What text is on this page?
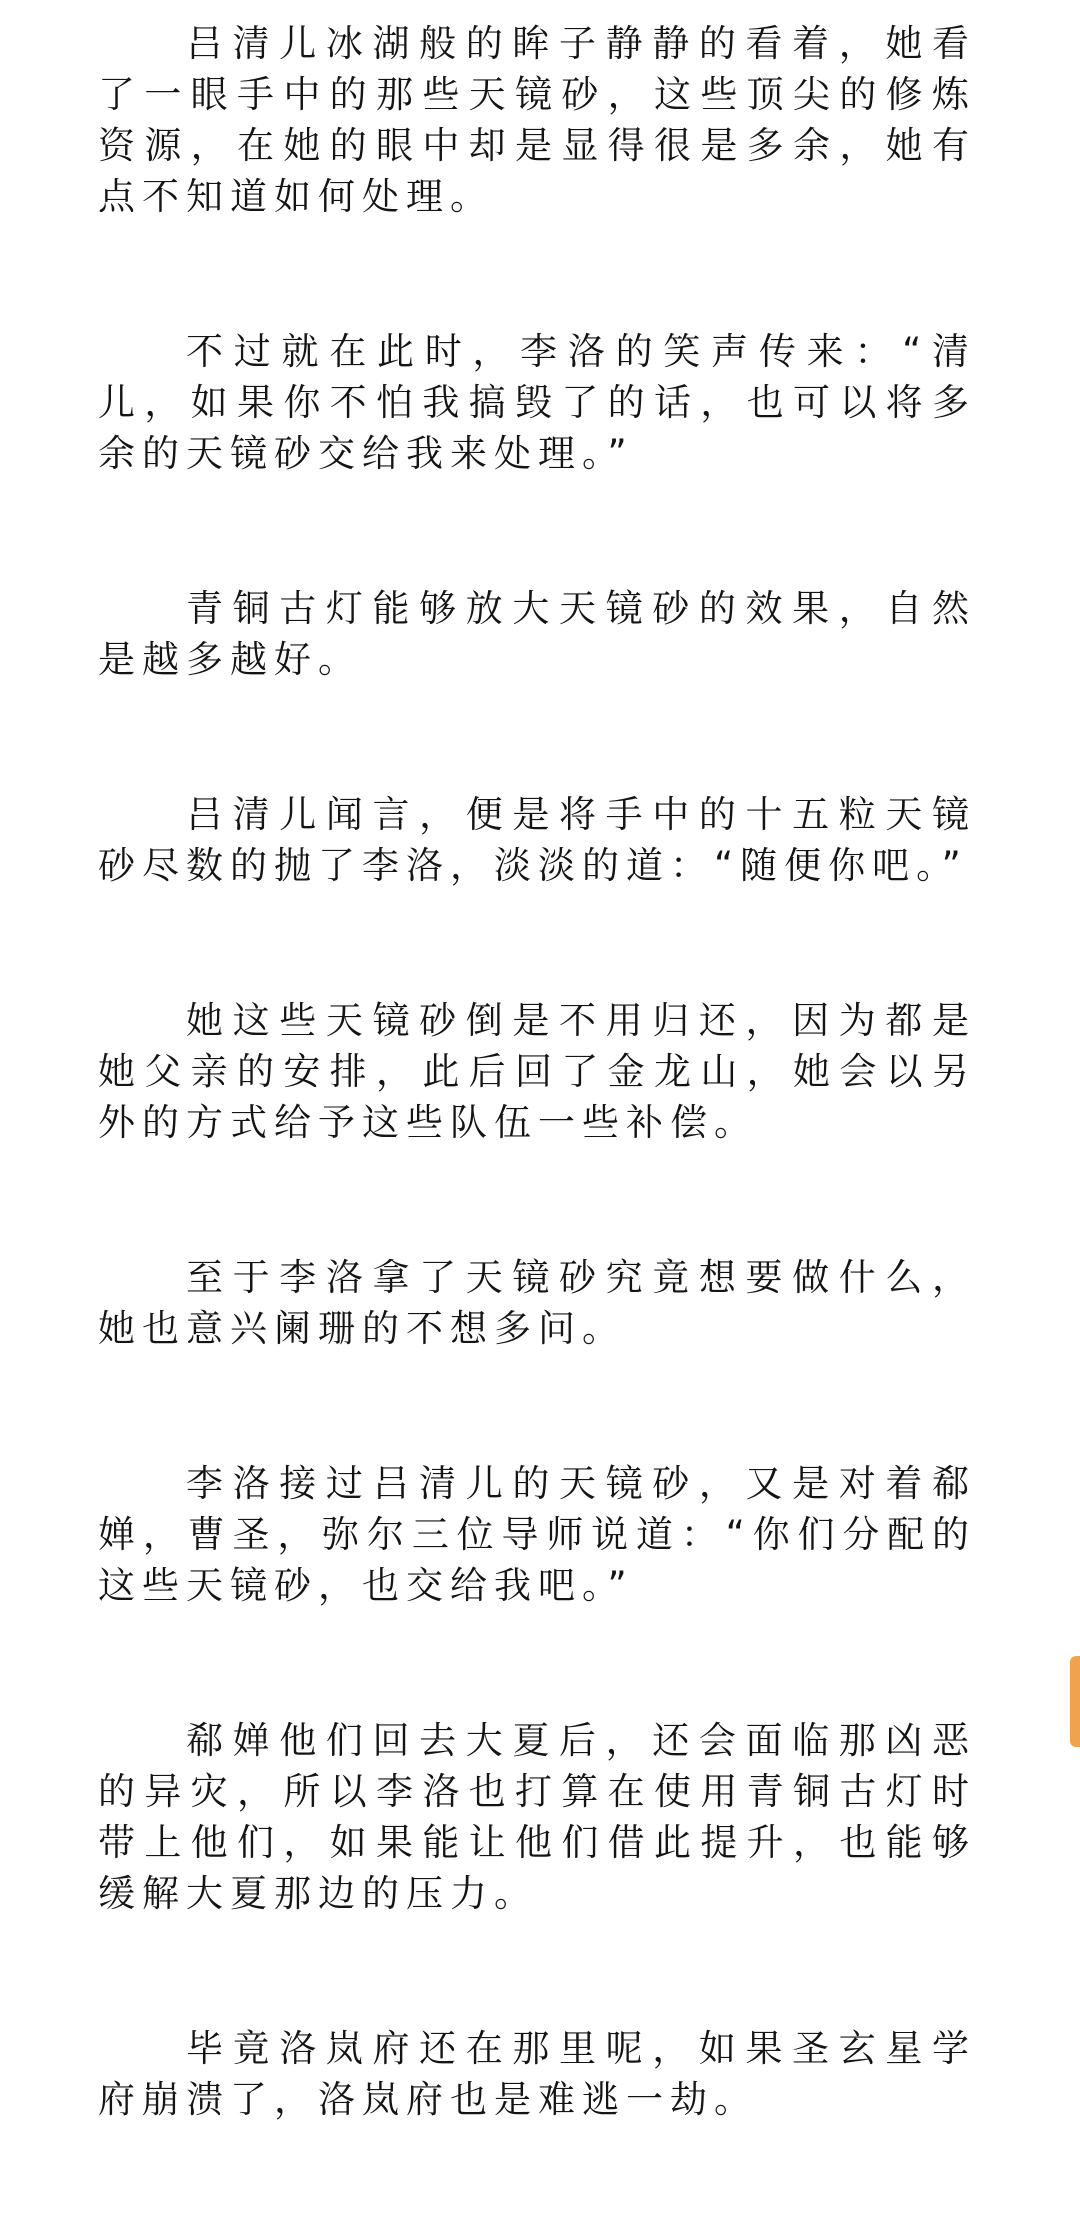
吕清儿冰湖般的眸子静静的看着，她看了一眼手中的那些天镜砂，这些顶尖的修炼资源，在她的眼中却是显得很是多余，她有点不知道如何处理。

不过就在此时，李洛的笑声传来：“清儿，如果你不怕我搞毁了的话，也可以将多余的天镜砂交给我来处理。”

青铜古灯能够放大天镜砂的效果，自然是越多越好。

吕清儿闻言，便是将手中的十五粒天镜砂尽数的抛了李洛，淡淡的道：“随便你吧。”

她这些天镜砂倒是不用归还，因为都是她父亲的安排，此后回了金龙山，她会以另外的方式给予这些队伍一些补偿。

至于李洛拿了天镜砂究竟想要做什么，她也意兴阑珊的不想多问。

李洛接过吕清儿的天镜砂，又是对着郗婵，曹圣，弥尔三位导师说道：“你们分配的这些天镜砂，也交给我吧。”

郗婵他们回去大夏后，还会面临那凶恶的异灾，所以李洛也打算在使用青铜古灯时带上他们，如果能让他们借此提升，也能够缓解大夏那边的压力。

毕竟洛岚府还在那里呢，如果圣玄星学府崩溃了，洛岚府也是难逃一劫。
